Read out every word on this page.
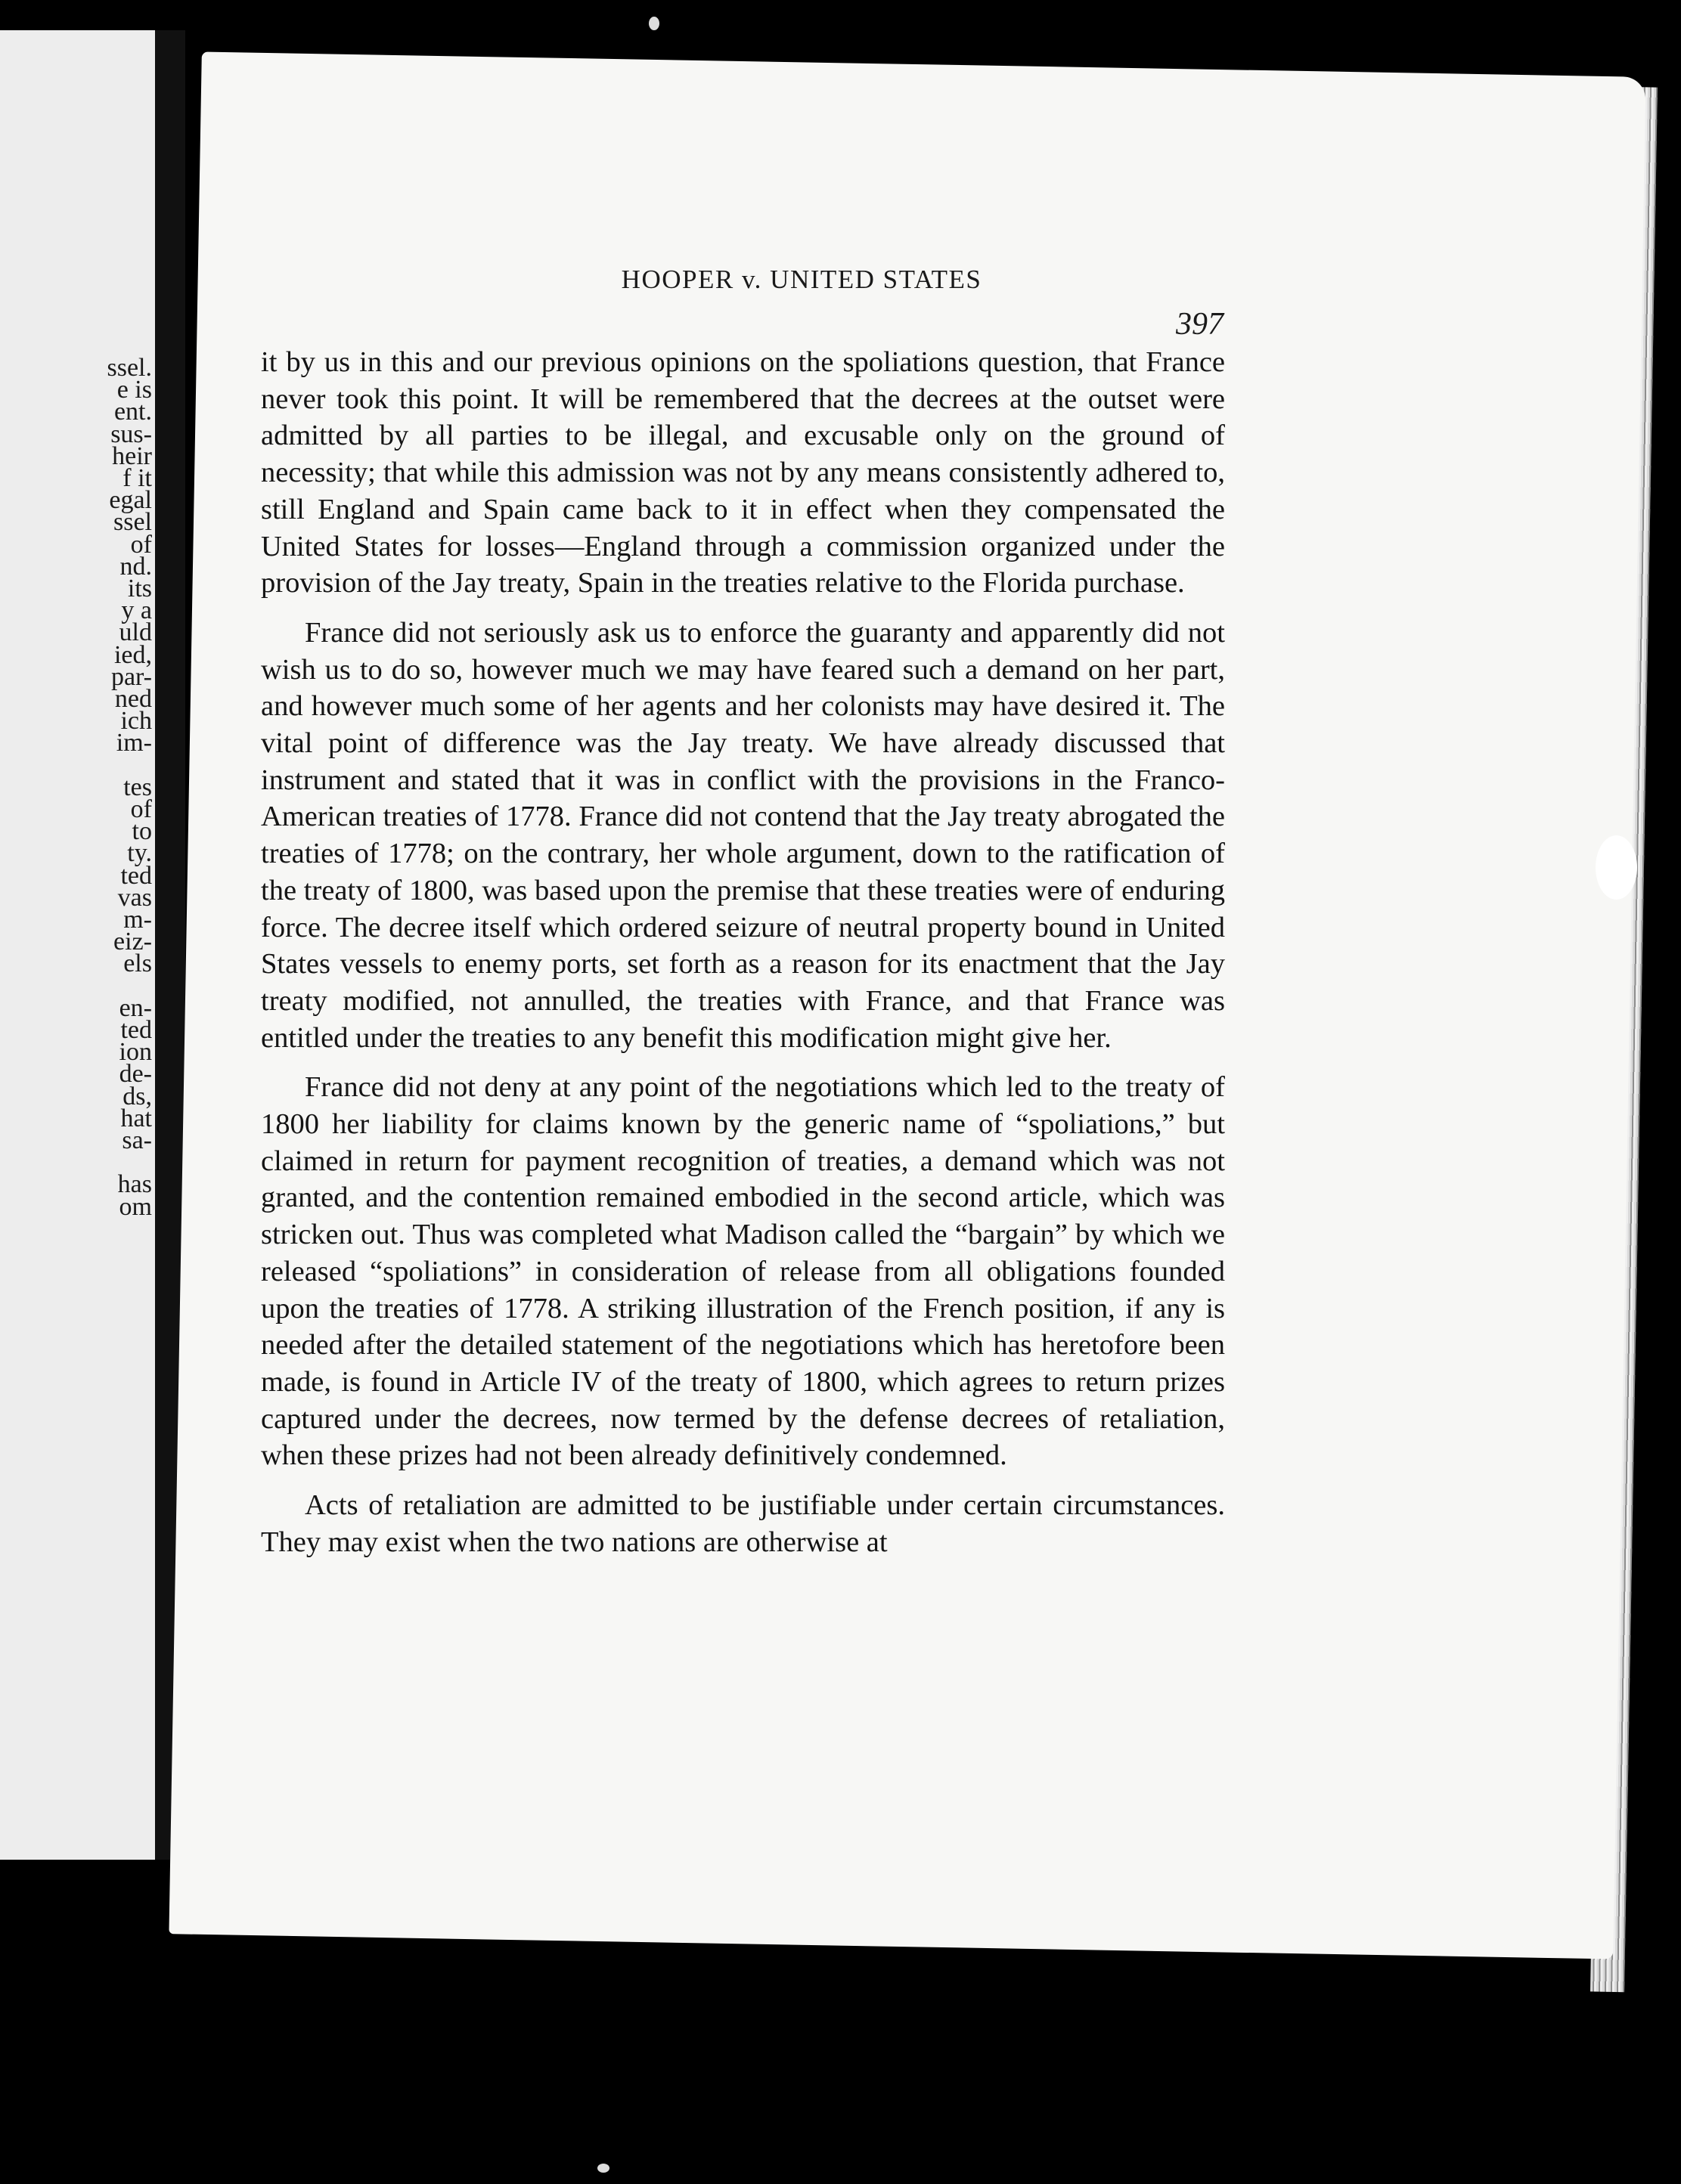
ssel.
e is
ent.
sus-
heir
f it
egal
ssel
of
nd.
its
y a
uld
ied,
par-
ned
ich
im-
tes
of
to
ty.
ted
vas
m-
eiz-
els
en-
ted
ion
de-
ds,
hat
sa-
has
om
HOOPER v. UNITED STATES
397

it by us in this and our previous opinions on the spoliations question, that France never took this point. It will be remembered that the decrees at the outset were admitted by all parties to be illegal, and excusable only on the ground of necessity; that while this admission was not by any means consistently adhered to, still England and Spain came back to it in effect when they compensated the United States for losses—England through a commission organized under the provision of the Jay treaty, Spain in the treaties relative to the Florida purchase.

France did not seriously ask us to enforce the guaranty and apparently did not wish us to do so, however much we may have feared such a demand on her part, and however much some of her agents and her colonists may have desired it. The vital point of difference was the Jay treaty. We have already discussed that instrument and stated that it was in conflict with the provisions in the Franco-American treaties of 1778. France did not contend that the Jay treaty abrogated the treaties of 1778; on the contrary, her whole argument, down to the ratification of the treaty of 1800, was based upon the premise that these treaties were of enduring force. The decree itself which ordered seizure of neutral property bound in United States vessels to enemy ports, set forth as a reason for its enactment that the Jay treaty modified, not annulled, the treaties with France, and that France was entitled under the treaties to any benefit this modification might give her.

France did not deny at any point of the negotiations which led to the treaty of 1800 her liability for claims known by the generic name of “spoliations,” but claimed in return for payment recognition of treaties, a demand which was not granted, and the contention remained embodied in the second article, which was stricken out. Thus was completed what Madison called the “bargain” by which we released “spoliations” in consideration of release from all obligations founded upon the treaties of 1778. A striking illustration of the French position, if any is needed after the detailed statement of the negotiations which has heretofore been made, is found in Article IV of the treaty of 1800, which agrees to return prizes captured under the decrees, now termed by the defense decrees of retaliation, when these prizes had not been already definitively condemned.

Acts of retaliation are admitted to be justifiable under certain circumstances. They may exist when the two nations are otherwise at
